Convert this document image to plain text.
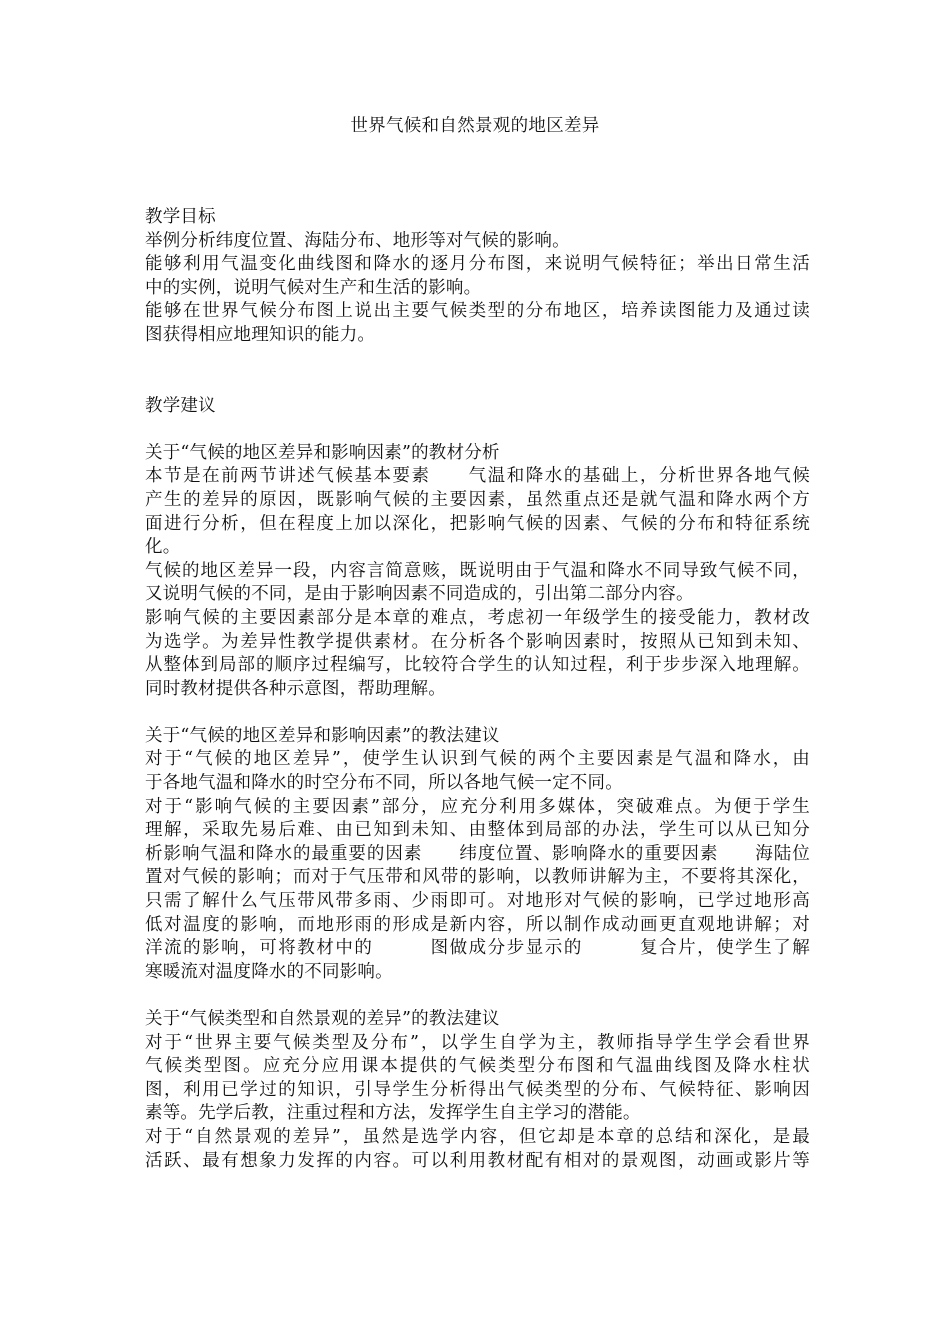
世界气候和自然景观的地区差异
教学目标
举例分析纬度位置、海陆分布、地形等对气候的影响。
能够利用气温变化曲线图和降水的逐月分布图，来说明气候特征；举出日常生活
中的实例，说明气候对生产和生活的影响。
能够在世界气候分布图上说出主要气候类型的分布地区，培养读图能力及通过读
图获得相应地理知识的能力。
教学建议
关于“气候的地区差异和影响因素”的教材分析
本节是在前两节讲述气候基本要素　　气温和降水的基础上，分析世界各地气候
产生的差异的原因，既影响气候的主要因素，虽然重点还是就气温和降水两个方
面进行分析，但在程度上加以深化，把影响气候的因素、气候的分布和特征系统
化。
气候的地区差异一段，内容言简意赅，既说明由于气温和降水不同导致气候不同，
又说明气候的不同，是由于影响因素不同造成的，引出第二部分内容。
影响气候的主要因素部分是本章的难点，考虑初一年级学生的接受能力，教材改
为选学。为差异性教学提供素材。在分析各个影响因素时，按照从已知到未知、
从整体到局部的顺序过程编写，比较符合学生的认知过程，利于步步深入地理解。
同时教材提供各种示意图，帮助理解。
关于“气候的地区差异和影响因素”的教法建议
对于“气候的地区差异”，使学生认识到气候的两个主要因素是气温和降水，由
于各地气温和降水的时空分布不同，所以各地气候一定不同。
对于“影响气候的主要因素”部分，应充分利用多媒体，突破难点。为便于学生
理解，采取先易后难、由已知到未知、由整体到局部的办法，学生可以从已知分
析影响气温和降水的最重要的因素　　纬度位置、影响降水的重要因素　　海陆位
置对气候的影响；而对于气压带和风带的影响，以教师讲解为主，不要将其深化，
只需了解什么气压带风带多雨、少雨即可。对地形对气候的影响，已学过地形高
低对温度的影响，而地形雨的形成是新内容，所以制作成动画更直观地讲解；对
洋流的影响，可将教材中的　　　图做成分步显示的　　　复合片，使学生了解
寒暖流对温度降水的不同影响。
关于“气候类型和自然景观的差异”的教法建议
对于“世界主要气候类型及分布”，以学生自学为主，教师指导学生学会看世界
气候类型图。应充分应用课本提供的气候类型分布图和气温曲线图及降水柱状
图，利用已学过的知识，引导学生分析得出气候类型的分布、气候特征、影响因
素等。先学后教，注重过程和方法，发挥学生自主学习的潜能。
对于“自然景观的差异”，虽然是选学内容，但它却是本章的总结和深化，是最
活跃、最有想象力发挥的内容。可以利用教材配有相对的景观图，动画或影片等
